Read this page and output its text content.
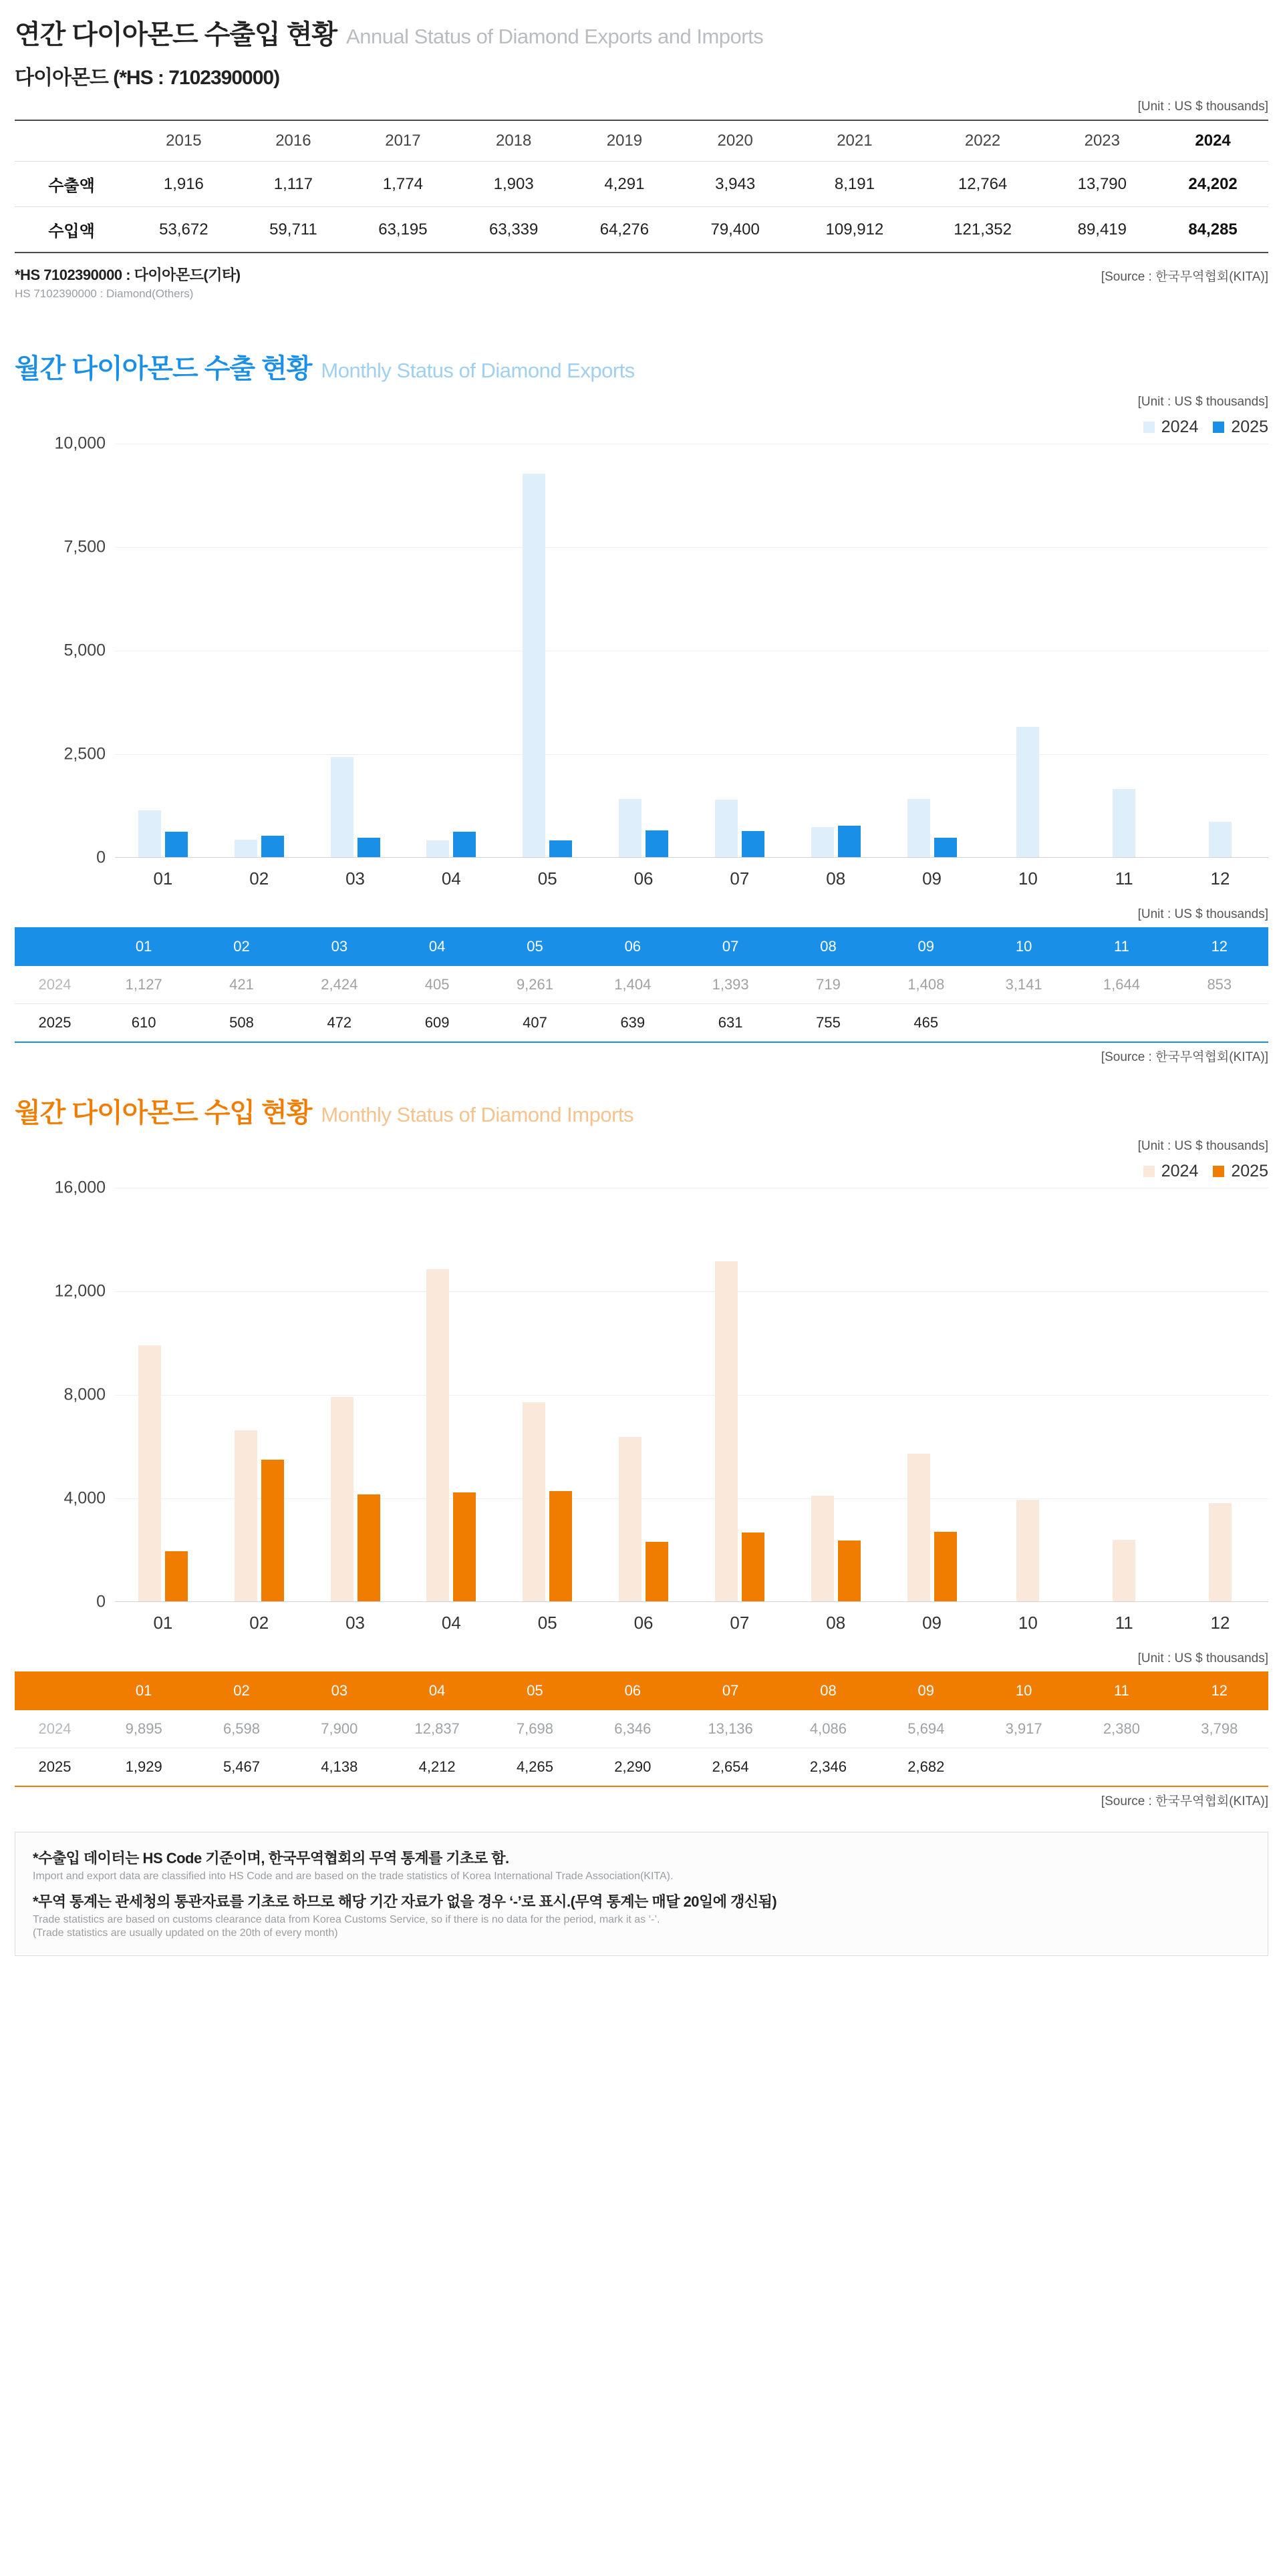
연간 다이아몬드 수출입 현황 Annual Status of Diamond Exports and Imports
다이아몬드 (*HS : 7102390000)
[Unit : US $ thousands]
	2015	2016	2017	2018	2019	2020	2021	2022	2023	2024
수출액	1,916	1,117	1,774	1,903	4,291	3,943	8,191	12,764	13,790	24,202
수입액	53,672	59,711	63,195	63,339	64,276	79,400	109,912	121,352	89,419	84,285
*HS 7102390000 : 다이아몬드(기타)
HS 7102390000 : Diamond(Others)
[Source : 한국무역협회(KITA)]
월간 다이아몬드 수출 현황 Monthly Status of Diamond Exports
[Unit : US $ thousands]
2024 2025
10,000
7,500
5,000
2,500
0
01	02	03	04	05	06	07	08	09	10	11	12
[Unit : US $ thousands]
	01	02	03	04	05	06	07	08	09	10	11	12
2024	1,127	421	2,424	405	9,261	1,404	1,393	719	1,408	3,141	1,644	853
2025	610	508	472	609	407	639	631	755	465			
[Source : 한국무역협회(KITA)]
월간 다이아몬드 수입 현황 Monthly Status of Diamond Imports
[Unit : US $ thousands]
2024 2025
16,000
12,000
8,000
4,000
0
01	02	03	04	05	06	07	08	09	10	11	12
[Unit : US $ thousands]
	01	02	03	04	05	06	07	08	09	10	11	12
2024	9,895	6,598	7,900	12,837	7,698	6,346	13,136	4,086	5,694	3,917	2,380	3,798
2025	1,929	5,467	4,138	4,212	4,265	2,290	2,654	2,346	2,682			
[Source : 한국무역협회(KITA)]
*수출입 데이터는 HS Code 기준이며, 한국무역협회의 무역 통계를 기초로 함.
Import and export data are classified into HS Code and are based on the trade statistics of Korea International Trade Association(KITA).
*무역 통계는 관세청의 통관자료를 기초로 하므로 해당 기간 자료가 없을 경우 ‘-’로 표시.(무역 통계는 매달 20일에 갱신됨)
Trade statistics are based on customs clearance data from Korea Customs Service, so if there is no data for the period, mark it as ‘-’.
(Trade statistics are usually updated on the 20th of every month)
